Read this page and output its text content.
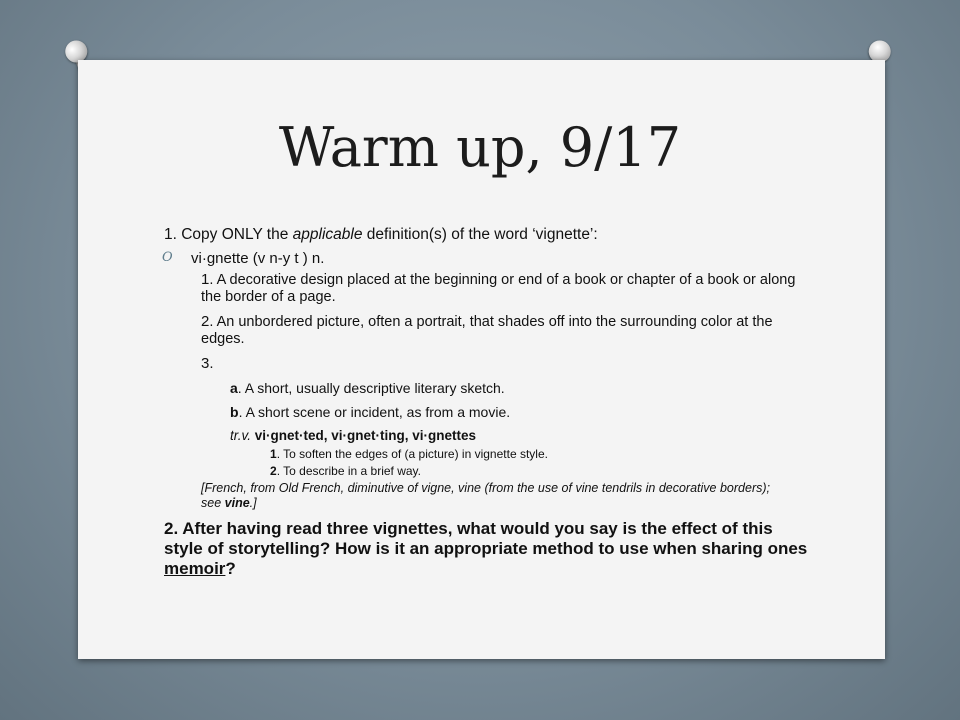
Warm up, 9/17

1. Copy ONLY the applicable definition(s) of the word ‘vignette’:

O vi·gnette (v n-y t ) n.

1. A decorative design placed at the beginning or end of a book or chapter of a book or along the border of a page.

2. An unbordered picture, often a portrait, that shades off into the surrounding color at the edges.

3.

a. A short, usually descriptive literary sketch.

b. A short scene or incident, as from a movie.

tr.v. vi·gnet·ted, vi·gnet·ting, vi·gnettes

1. To soften the edges of (a picture) in vignette style.

2. To describe in a brief way.

[French, from Old French, diminutive of vigne, vine (from the use of vine tendrils in decorative borders); see vine.]

2. After having read three vignettes, what would you say is the effect of this style of storytelling? How is it an appropriate method to use when sharing ones memoir?
